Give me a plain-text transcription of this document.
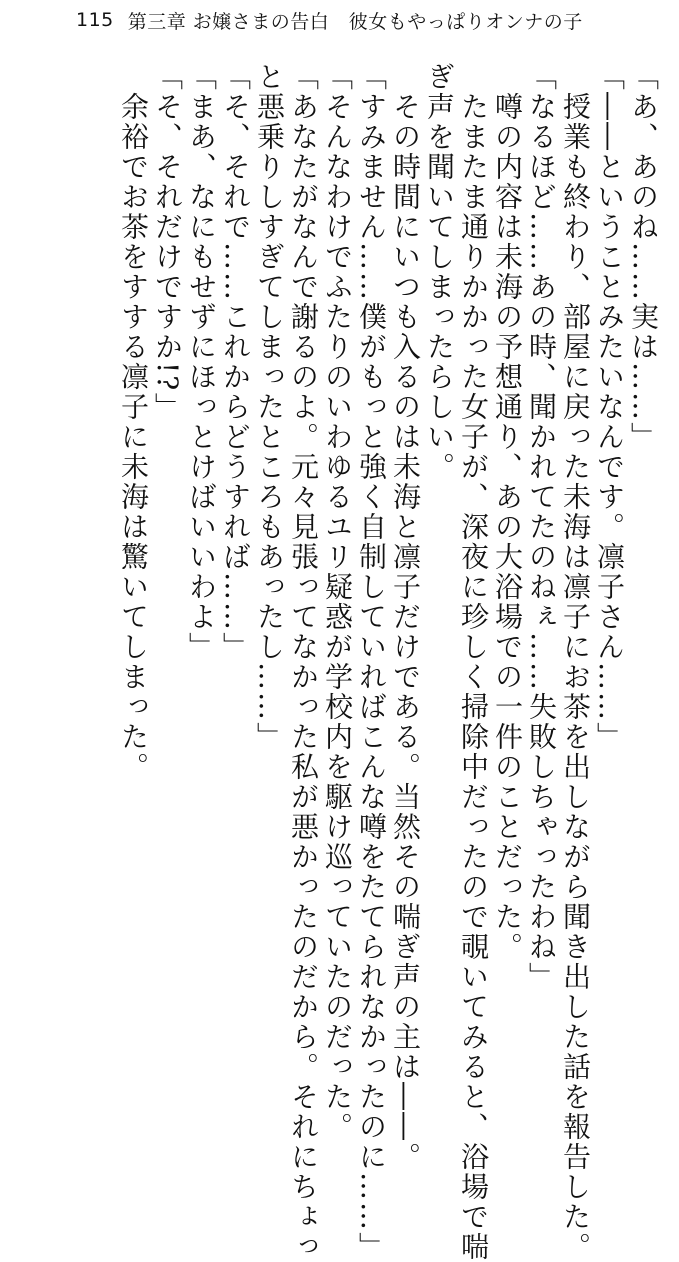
115 第三章 お嬢さまの告白　彼女もやっぱりオンナの子
「あ、あのね……実は……」
「――ということみたいなんです。凛子さん……」
　授業も終わり、部屋に戻った未海は凛子にお茶を出しながら聞き出した話を報告した。
「なるほど……あの時、聞かれてたのねぇ……失敗しちゃったわね」
　噂の内容は未海の予想通り、あの大浴場での一件のことだった。
　たまたま通りかかった女子が、深夜に珍しく掃除中だったので覗いてみると、浴場で喘
ぎ声を聞いてしまったらしい。
　その時間にいつも入るのは未海と凛子だけである。当然その喘ぎ声の主は――。
「すみません……僕がもっと強く自制していればこんな噂をたてられなかったのに……」
「そんなわけでふたりのいわゆるユリ疑惑が学校内を駆け巡っていたのだった。
「あなたがなんで謝るのよ。元々見張ってなかった私が悪かったのだから。それにちょっ
と悪乗りしすぎてしまったところもあったし……」
「そ、それで……これからどうすれば……」
「まあ、なにもせずにほっとけばいいわよ」
「そ、それだけですか!?」
　余裕でお茶をすする凛子に未海は驚いてしまった。
